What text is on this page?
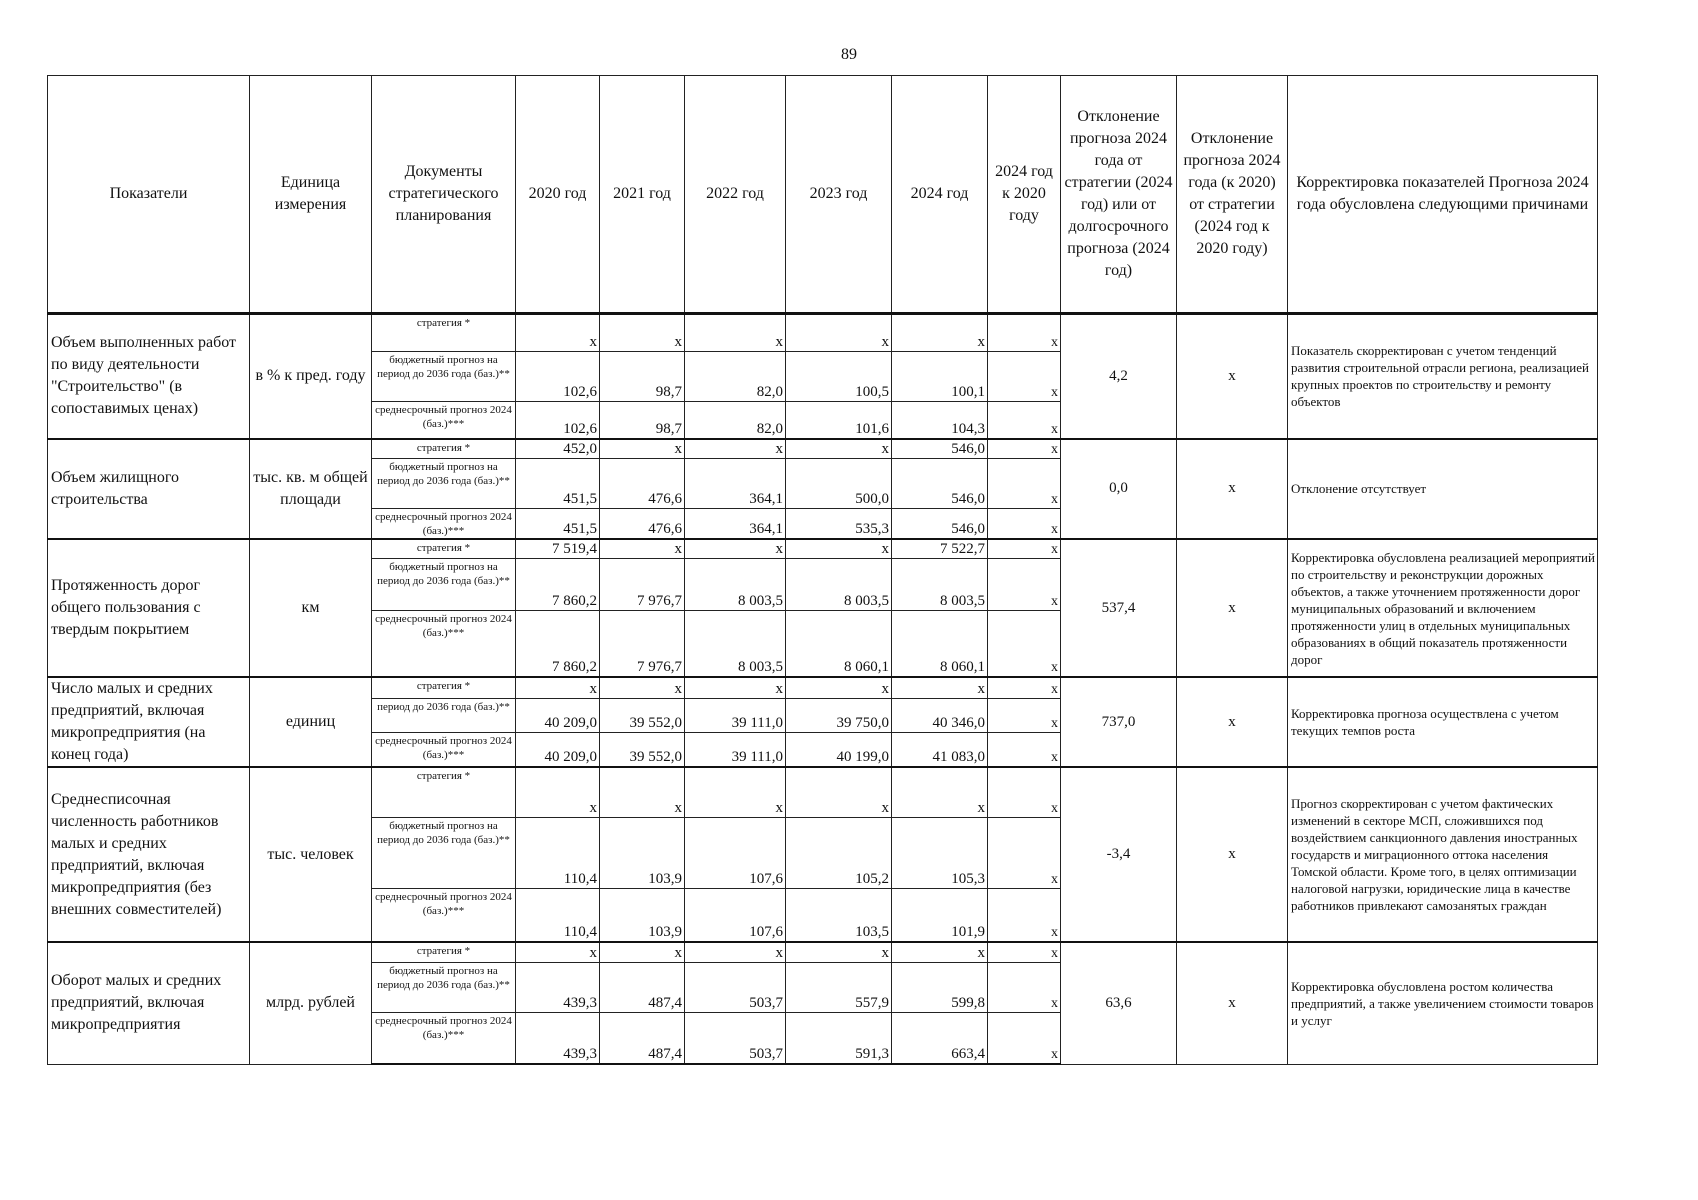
89
Показатели	Единица измерения	Документы стратегического планирования	2020 год	2021 год	2022 год	2023 год	2024 год	2024 год к 2020 году	Отклонение прогноза 2024 года от стратегии (2024 год) или от долгосрочного прогноза (2024 год)	Отклонение прогноза 2024 года (к 2020) от стратегии (2024 год к 2020 году)	Корректировка показателей Прогноза 2024 года обусловлена следующими причинами
Объем выполненных работ по виду деятельности "Строительство" (в сопоставимых ценах)	в % к пред. году	стратегия *	х	х	х	х	х	х	4,2	х	Показатель скорректирован с учетом тенденций развития строительной отрасли региона, реализацией крупных проектов по строительству и ремонту объектов
		бюджетный прогноз на период до 2036 года (баз.)**	102,6	98,7	82,0	100,5	100,1	х			
		среднесрочный прогноз 2024 (баз.)***	102,6	98,7	82,0	101,6	104,3	х			
Объем жилищного строительства	тыс. кв. м общей площади	стратегия *	452,0	х	х	х	546,0	х	0,0	х	Отклонение отсутствует
		бюджетный прогноз на период до 2036 года (баз.)**	451,5	476,6	364,1	500,0	546,0	х			
		среднесрочный прогноз 2024 (баз.)***	451,5	476,6	364,1	535,3	546,0	х			
Протяженность дорог общего пользования с твердым покрытием	км	стратегия *	7 519,4	х	х	х	7 522,7	х	537,4	х	Корректировка обусловлена реализацией мероприятий по строительству и реконструкции дорожных объектов, а также уточнением протяженности дорог муниципальных образований и включением протяженности улиц в отдельных муниципальных образованиях в общий показатель протяженности дорог
		бюджетный прогноз на период до 2036 года (баз.)**	7 860,2	7 976,7	8 003,5	8 003,5	8 003,5	х			
		среднесрочный прогноз 2024 (баз.)***	7 860,2	7 976,7	8 003,5	8 060,1	8 060,1	х			
Число малых и средних предприятий, включая микропредприятия (на конец года)	единиц	стратегия *	х	х	х	х	х	х	737,0	х	Корректировка прогноза осуществлена с учетом текущих темпов роста
		период до 2036 года (баз.)**	40 209,0	39 552,0	39 111,0	39 750,0	40 346,0	х			
		среднесрочный прогноз 2024 (баз.)***	40 209,0	39 552,0	39 111,0	40 199,0	41 083,0	х			
Среднесписочная численность работников малых и средних предприятий, включая микропредприятия (без внешних совместителей)	тыс. человек	стратегия *	х	х	х	х	х	х	-3,4	х	Прогноз скорректирован с учетом фактических изменений в секторе МСП, сложившихся под воздействием санкционного давления иностранных государств и миграционного оттока населения Томской области. Кроме того, в целях оптимизации налоговой нагрузки, юридические лица в качестве работников привлекают самозанятых граждан
		бюджетный прогноз на период до 2036 года (баз.)**	110,4	103,9	107,6	105,2	105,3	х			
		среднесрочный прогноз 2024 (баз.)***	110,4	103,9	107,6	103,5	101,9	х			
Оборот малых и средних предприятий, включая микропредприятия	млрд. рублей	стратегия *	х	х	х	х	х	х	63,6	х	Корректировка обусловлена ростом количества предприятий, а также увеличением стоимости товаров и услуг
		бюджетный прогноз на период до 2036 года (баз.)**	439,3	487,4	503,7	557,9	599,8	х			
		среднесрочный прогноз 2024 (баз.)***	439,3	487,4	503,7	591,3	663,4	х			
